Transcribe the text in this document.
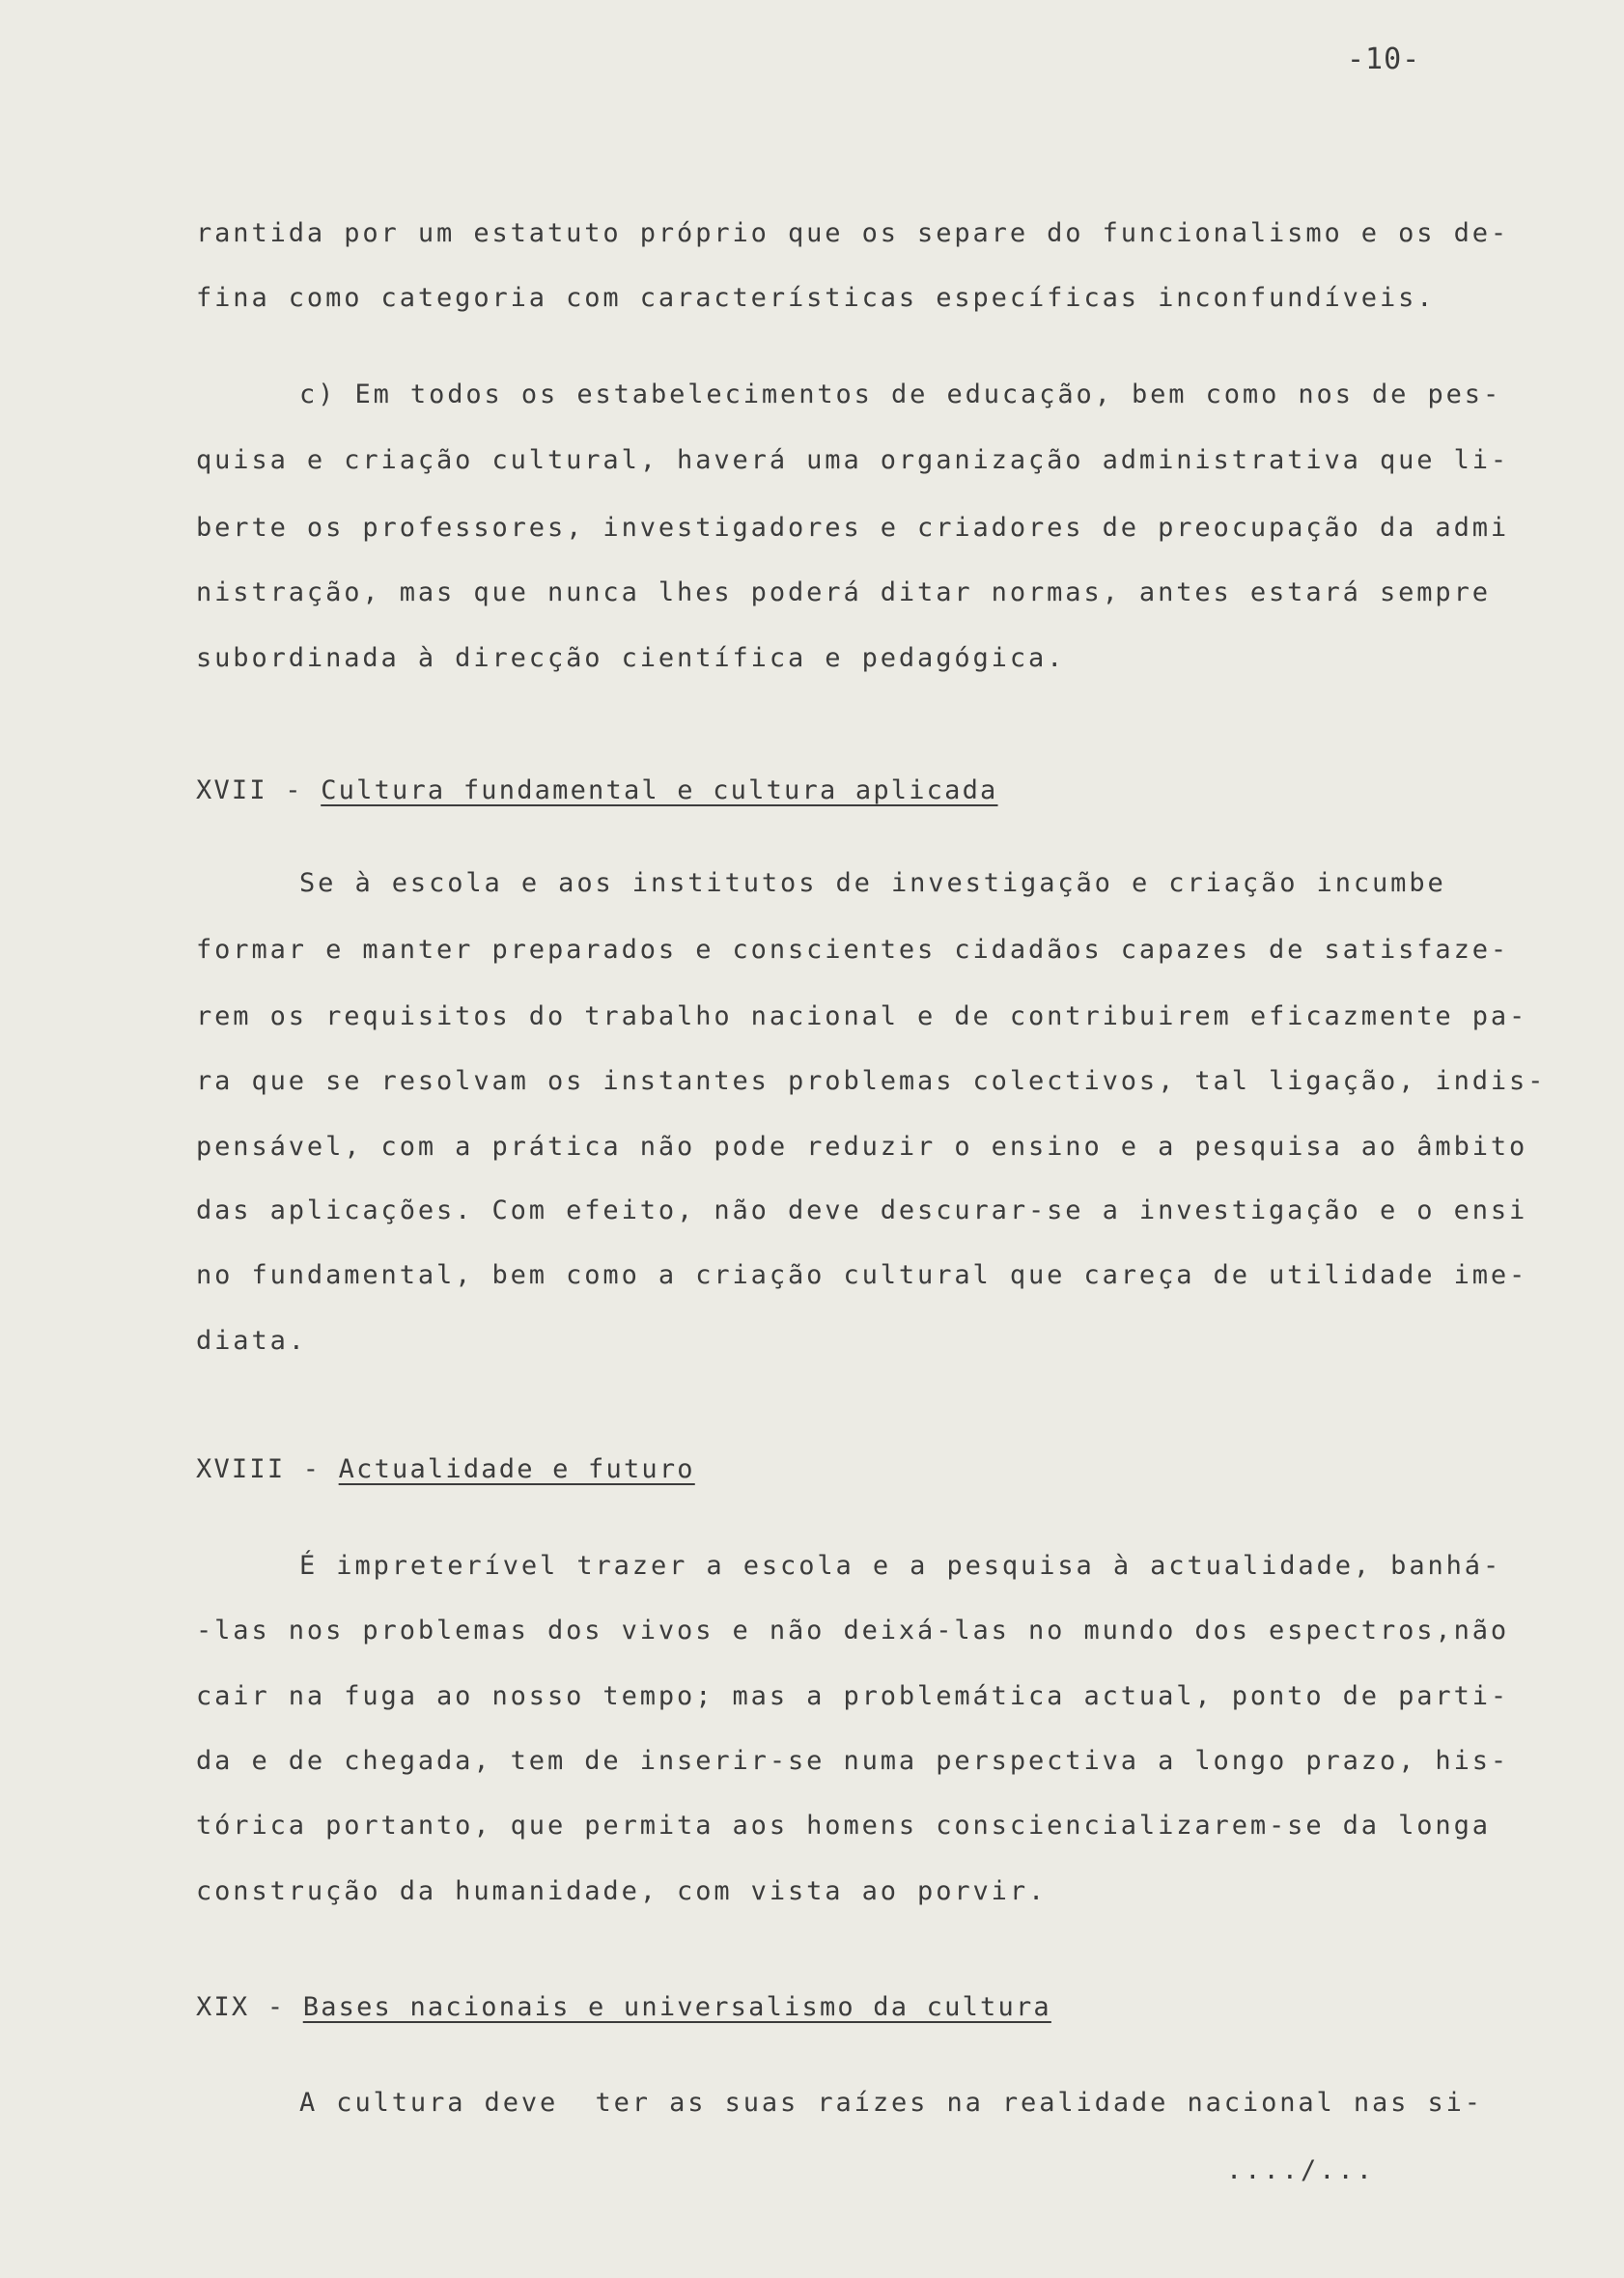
-10-
rantida por um estatuto próprio que os separe do funcionalismo e os de-
fina como categoria com características específicas inconfundíveis.
c) Em todos os estabelecimentos de educação, bem como nos de pes-
quisa e criação cultural, haverá uma organização administrativa que li-
berte os professores, investigadores e criadores de preocupação da admi
nistração, mas que nunca lhes poderá ditar normas, antes estará sempre
subordinada à direcção científica e pedagógica.
XVII - Cultura fundamental e cultura aplicada
Se à escola e aos institutos de investigação e criação incumbe
formar e manter preparados e conscientes cidadãos capazes de satisfaze-
rem os requisitos do trabalho nacional e de contribuirem eficazmente pa-
ra que se resolvam os instantes problemas colectivos, tal ligação, indis-
pensável, com a prática não pode reduzir o ensino e a pesquisa ao âmbito
das aplicações. Com efeito, não deve descurar-se a investigação e o ensi
no fundamental, bem como a criação cultural que careça de utilidade ime-
diata.
XVIII - Actualidade e futuro
É impreterível trazer a escola e a pesquisa à actualidade, banhá-
-las nos problemas dos vivos e não deixá-las no mundo dos espectros,não
cair na fuga ao nosso tempo; mas a problemática actual, ponto de parti-
da e de chegada, tem de inserir-se numa perspectiva a longo prazo, his-
tórica portanto, que permita aos homens consciencializarem-se da longa
construção da humanidade, com vista ao porvir.
XIX - Bases nacionais e universalismo da cultura
A cultura deve  ter as suas raízes na realidade nacional nas si-
..../...
